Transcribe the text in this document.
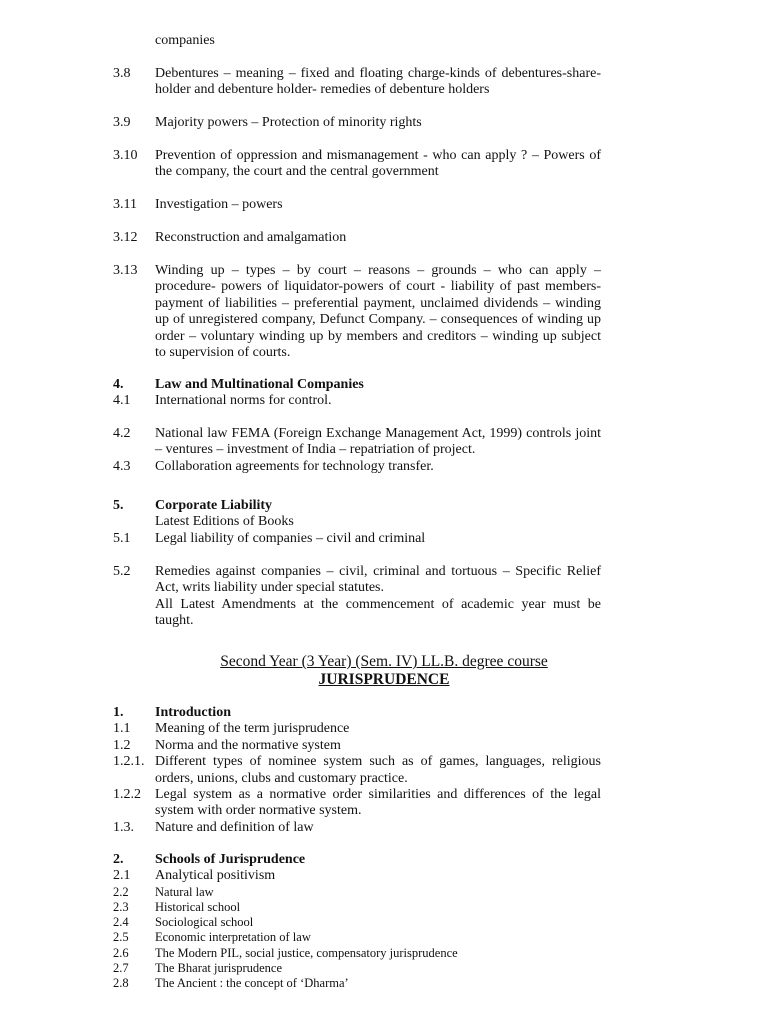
companies
3.8	Debentures – meaning – fixed and floating charge-kinds of debentures-share-holder and debenture holder- remedies of debenture holders
3.9	Majority powers – Protection of minority rights
3.10	Prevention of oppression and mismanagement - who can apply ? – Powers of the company, the court and the central government
3.11	Investigation – powers
3.12	Reconstruction and amalgamation
3.13	Winding up – types – by court – reasons – grounds – who can apply – procedure- powers of liquidator-powers of court - liability of past members-payment of liabilities – preferential payment, unclaimed dividends – winding up of unregistered company, Defunct Company. – consequences of winding up order – voluntary winding up by members and creditors – winding up subject to supervision of courts.
4.	Law and Multinational Companies
4.1	International norms for control.
4.2	National law FEMA (Foreign Exchange Management Act, 1999) controls joint – ventures – investment of India – repatriation of project.
4.3	Collaboration agreements for technology transfer.
5.	Corporate Liability
Latest Editions of Books
5.1	Legal liability of companies – civil and criminal
5.2	Remedies against companies – civil, criminal and tortuous – Specific Relief Act, writs liability under special statutes.
All Latest Amendments at the commencement of academic year must be taught.
Second Year (3 Year) (Sem. IV) LL.B. degree course
JURISPRUDENCE
1.	Introduction
1.1	Meaning of the term jurisprudence
1.2	Norma and the normative system
1.2.1. Different types of nominee system such as of games, languages, religious orders, unions, clubs and customary practice.
1.2.2	Legal system as a normative order similarities and differences of the legal system with order normative system.
1.3.	Nature and definition of law
2.	Schools of Jurisprudence
2.1	Analytical positivism
2.2	Natural law
2.3	Historical school
2.4	Sociological school
2.5	Economic interpretation of law
2.6	The Modern PIL, social justice, compensatory jurisprudence
2.7	The Bharat jurisprudence
2.8	The Ancient : the concept of ‘Dharma’
